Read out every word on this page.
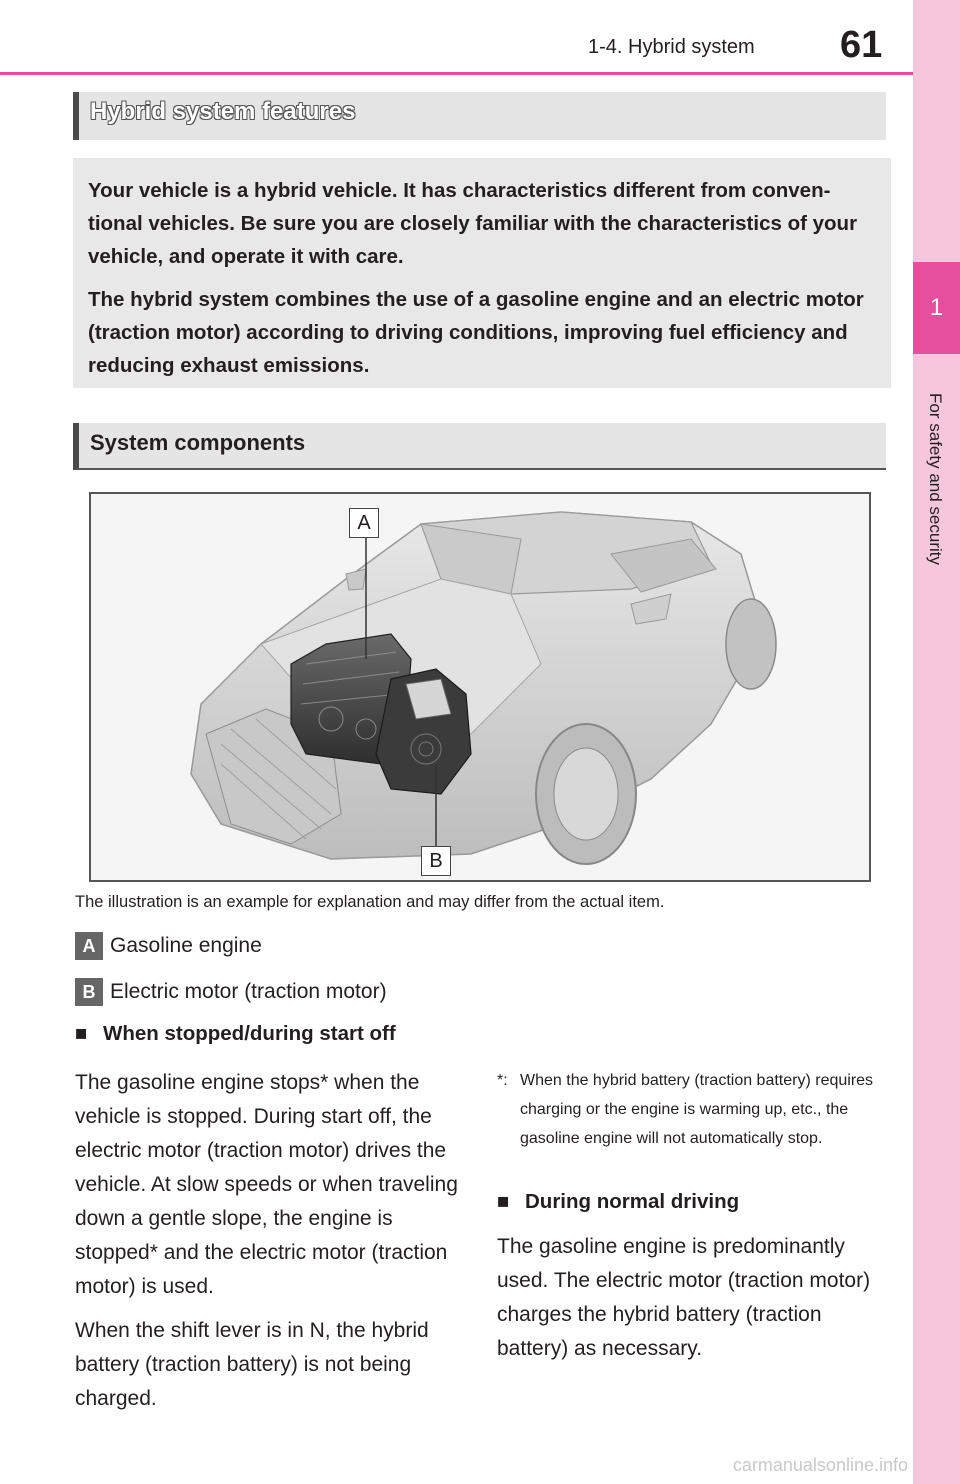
1-4. Hybrid system 61
1
For safety and security
Hybrid system features
Your vehicle is a hybrid vehicle. It has characteristics different from conven-tional vehicles. Be sure you are closely familiar with the characteristics of your vehicle, and operate it with care.
The hybrid system combines the use of a gasoline engine and an electric motor (traction motor) according to driving conditions, improving fuel efficiency and reducing exhaust emissions.
System components
A
B
The illustration is an example for explanation and may differ from the actual item.
A Gasoline engine
B Electric motor (traction motor)
■ When stopped/during start off
The gasoline engine stops* when the vehicle is stopped. During start off, the electric motor (traction motor) drives the vehicle. At slow speeds or when traveling down a gentle slope, the engine is stopped* and the electric motor (traction motor) is used.
When the shift lever is in N, the hybrid battery (traction battery) is not being charged.
*: When the hybrid battery (traction battery) requires charging or the engine is warming up, etc., the gasoline engine will not automatically stop.
■ During normal driving
The gasoline engine is predominantly used. The electric motor (traction motor) charges the hybrid battery (traction battery) as necessary.
carmanualsonline.info
